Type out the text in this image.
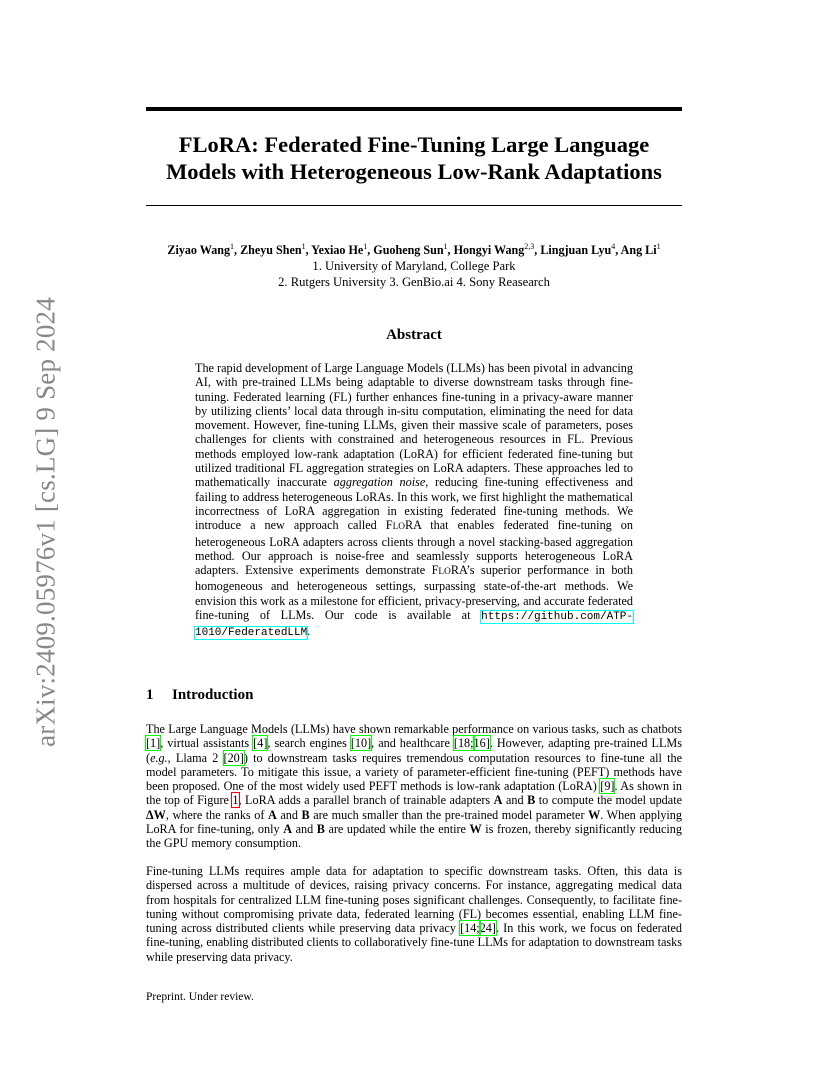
arXiv:2409.05976v1 [cs.LG] 9 Sep 2024
FLoRA: Federated Fine-Tuning Large Language
Models with Heterogeneous Low-Rank Adaptations
Ziyao Wang$^1$, Zheyu Shen$^1$, Yexiao He$^1$, Guoheng Sun$^1$, Hongyi Wang$^{2,3}$, Lingjuan Lyu$^4$, Ang Li$^1$
1. University of Maryland, College Park
2. Rutgers University 3. GenBio.ai 4. Sony Reasearch
Abstract
The rapid development of Large Language Models (LLMs) has been pivotal in advancing AI, with pre-trained LLMs being adaptable to diverse downstream tasks through fine-tuning. Federated learning (FL) further enhances fine-tuning in a privacy-aware manner by utilizing clients’ local data through in-situ computation, eliminating the need for data movement. However, fine-tuning LLMs, given their massive scale of parameters, poses challenges for clients with constrained and heterogeneous resources in FL. Previous methods employed low-rank adaptation (LoRA) for efficient federated fine-tuning but utilized traditional FL aggregation strategies on LoRA adapters. These approaches led to mathematically inaccurate aggregation noise, reducing fine-tuning effectiveness and failing to address heterogeneous LoRAs. In this work, we first highlight the mathematical incorrectness of LoRA aggregation in existing federated fine-tuning methods. We introduce a new approach called FLORA that enables federated fine-tuning on heterogeneous LoRA adapters across clients through a novel stacking-based aggregation method. Our approach is noise-free and seamlessly supports heterogeneous LoRA adapters. Extensive experiments demonstrate FLORA’s superior performance in both homogeneous and heterogeneous settings, surpassing state-of-the-art methods. We envision this work as a milestone for efficient, privacy-preserving, and accurate federated fine-tuning of LLMs. Our code is available at https://github.com/ATP-1010/FederatedLLM.
1 Introduction
The Large Language Models (LLMs) have shown remarkable performance on various tasks, such as chatbots [1], virtual assistants [4], search engines [10], and healthcare [18;16]. However, adapting pre-trained LLMs (e.g., Llama 2 [20]) to downstream tasks requires tremendous computation resources to fine-tune all the model parameters. To mitigate this issue, a variety of parameter-efficient fine-tuning (PEFT) methods have been proposed. One of the most widely used PEFT methods is low-rank adaptation (LoRA) [9]. As shown in the top of Figure 1, LoRA adds a parallel branch of trainable adapters A and B to compute the model update ΔW, where the ranks of A and B are much smaller than the pre-trained model parameter W. When applying LoRA for fine-tuning, only A and B are updated while the entire W is frozen, thereby significantly reducing the GPU memory consumption.
Fine-tuning LLMs requires ample data for adaptation to specific downstream tasks. Often, this data is dispersed across a multitude of devices, raising privacy concerns. For instance, aggregating medical data from hospitals for centralized LLM fine-tuning poses significant challenges. Consequently, to facilitate fine-tuning without compromising private data, federated learning (FL) becomes essential, enabling LLM fine-tuning across distributed clients while preserving data privacy [14;24]. In this work, we focus on federated fine-tuning, enabling distributed clients to collaboratively fine-tune LLMs for adaptation to downstream tasks while preserving data privacy.
Preprint. Under review.
